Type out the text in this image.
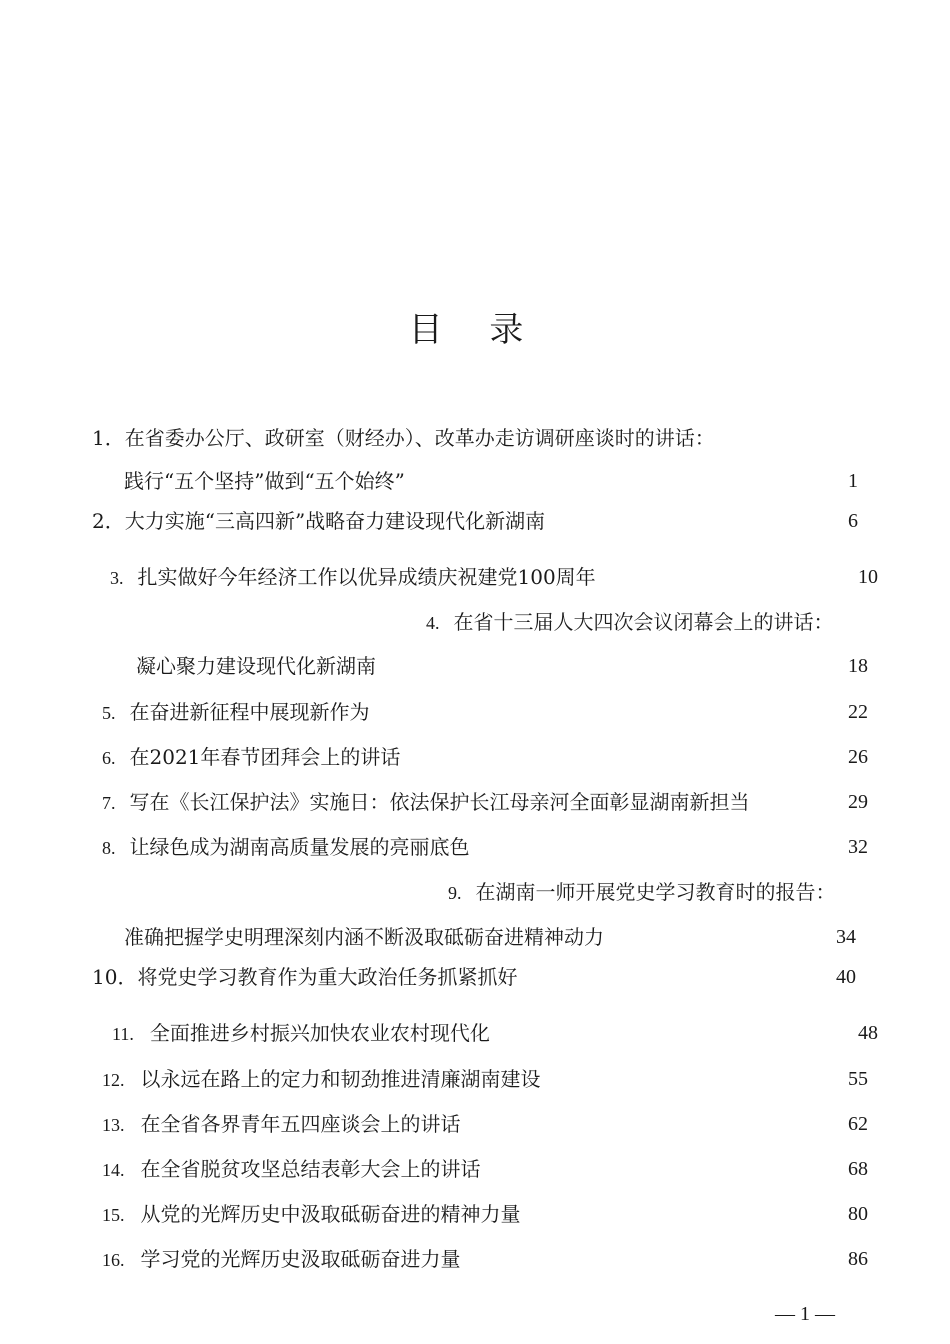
目 录
1．在省委办公厅、政研室（财经办）、改革办走访调研座谈时的讲话：
践行“五个坚持”做到“五个始终”	1
2．大力实施“三高四新”战略奋力建设现代化新湖南	6
3. 扎实做好今年经济工作以优异成绩庆祝建党100周年	10
4. 在省十三届人大四次会议闭幕会上的讲话：
凝心聚力建设现代化新湖南	18
5. 在奋进新征程中展现新作为	22
6. 在2021年春节团拜会上的讲话	26
7. 写在《长江保护法》实施日：依法保护长江母亲河全面彰显湖南新担当	29
8. 让绿色成为湖南高质量发展的亮丽底色	32
9. 在湖南一师开展党史学习教育时的报告：
准确把握学史明理深刻内涵不断汲取砥砺奋进精神动力	34
10．将党史学习教育作为重大政治任务抓紧抓好	40
11. 全面推进乡村振兴加快农业农村现代化	48
12. 以永远在路上的定力和韧劲推进清廉湖南建设	55
13. 在全省各界青年五四座谈会上的讲话	62
14. 在全省脱贫攻坚总结表彰大会上的讲话	68
15. 从党的光辉历史中汲取砥砺奋进的精神力量	80
16. 学习党的光辉历史汲取砥砺奋进力量	86
— 1 —
